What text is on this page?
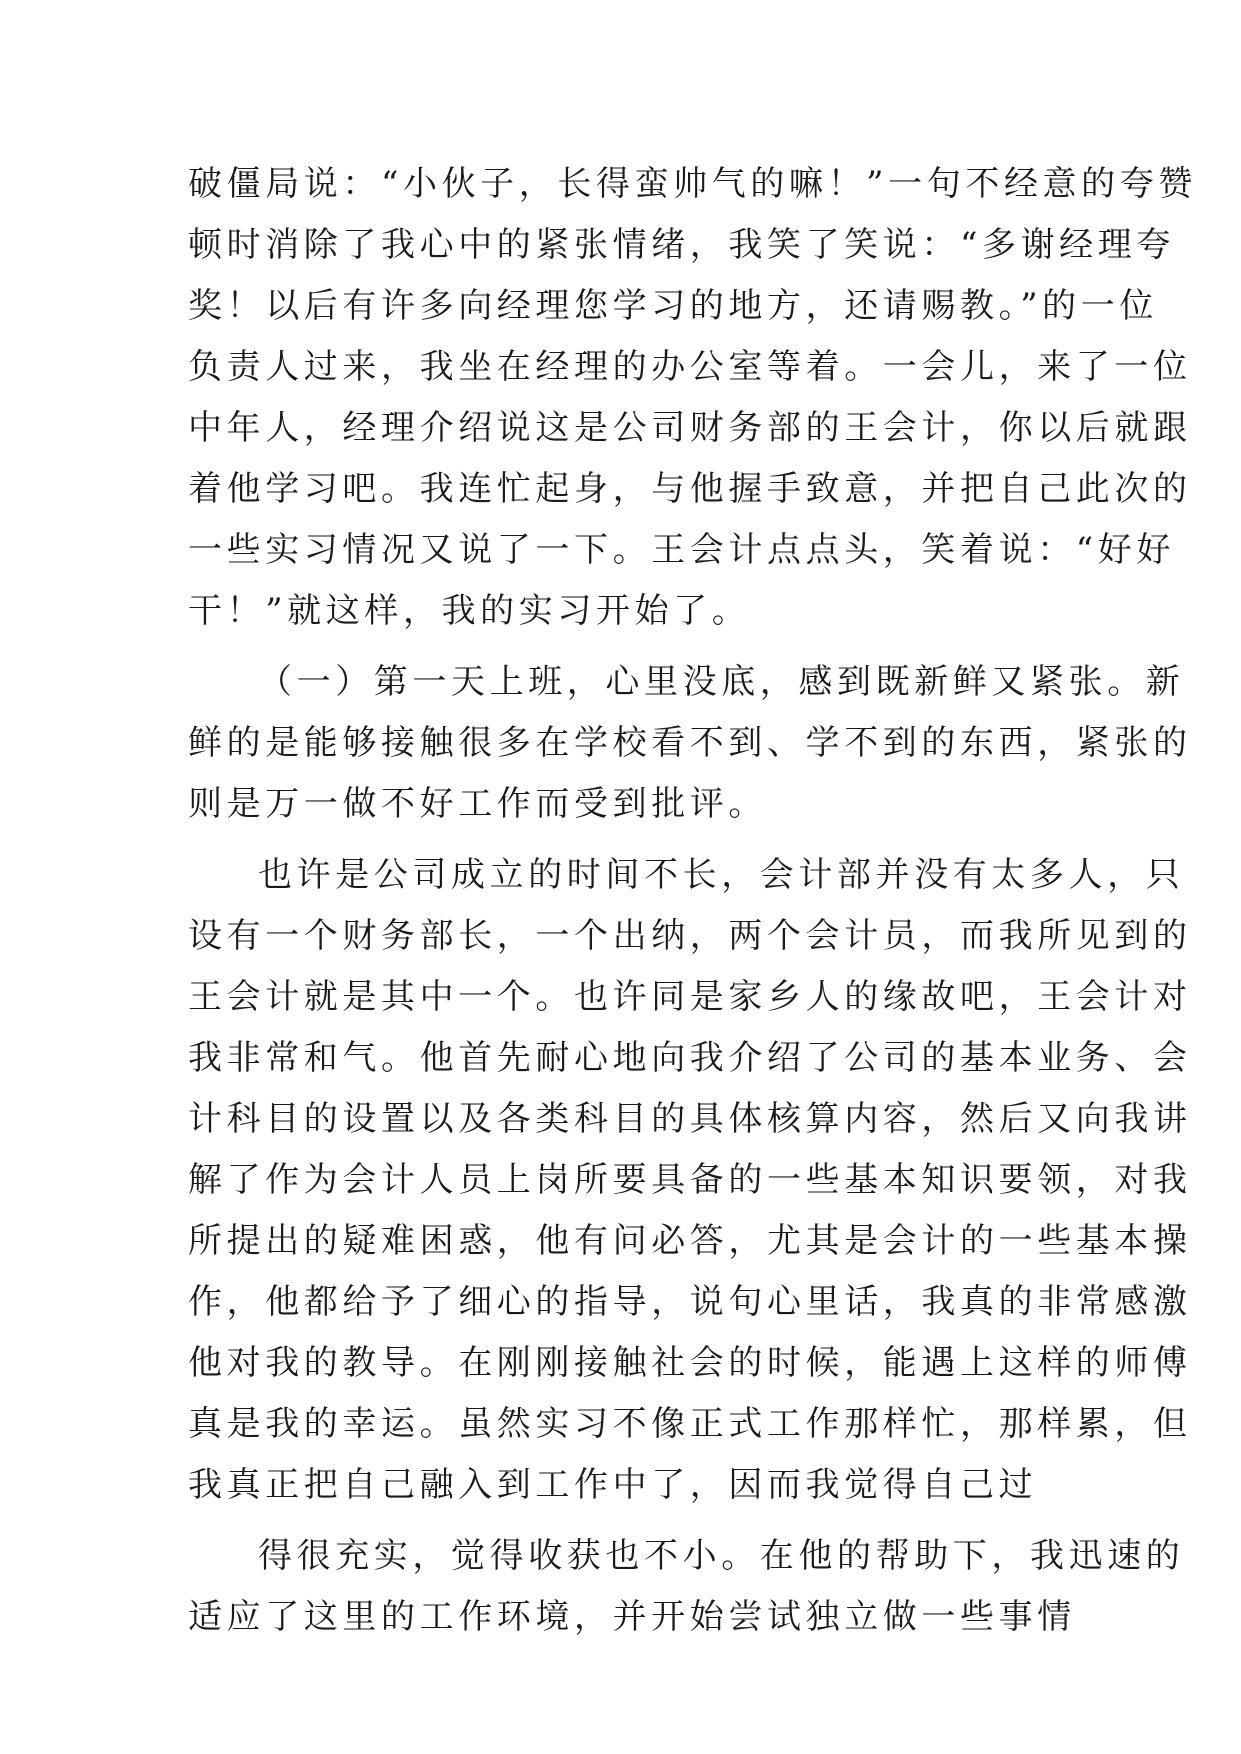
破僵局说：“小伙子，长得蛮帅气的嘛！”一句不经意的夸赞
顿时消除了我心中的紧张情绪，我笑了笑说：“多谢经理夸
奖！以后有许多向经理您学习的地方，还请赐教。”的一位
负责人过来，我坐在经理的办公室等着。一会儿，来了一位
中年人，经理介绍说这是公司财务部的王会计，你以后就跟
着他学习吧。我连忙起身，与他握手致意，并把自己此次的
一些实习情况又说了一下。王会计点点头，笑着说：“好好
干！”就这样，我的实习开始了。
（一）第一天上班，心里没底，感到既新鲜又紧张。新
鲜的是能够接触很多在学校看不到、学不到的东西，紧张的
则是万一做不好工作而受到批评。
也许是公司成立的时间不长，会计部并没有太多人，只
设有一个财务部长，一个出纳，两个会计员，而我所见到的
王会计就是其中一个。也许同是家乡人的缘故吧，王会计对
我非常和气。他首先耐心地向我介绍了公司的基本业务、会
计科目的设置以及各类科目的具体核算内容，然后又向我讲
解了作为会计人员上岗所要具备的一些基本知识要领，对我
所提出的疑难困惑，他有问必答，尤其是会计的一些基本操
作，他都给予了细心的指导，说句心里话，我真的非常感激
他对我的教导。在刚刚接触社会的时候，能遇上这样的师傅
真是我的幸运。虽然实习不像正式工作那样忙，那样累，但
我真正把自己融入到工作中了，因而我觉得自己过
得很充实，觉得收获也不小。在他的帮助下，我迅速的
适应了这里的工作环境，并开始尝试独立做一些事情
